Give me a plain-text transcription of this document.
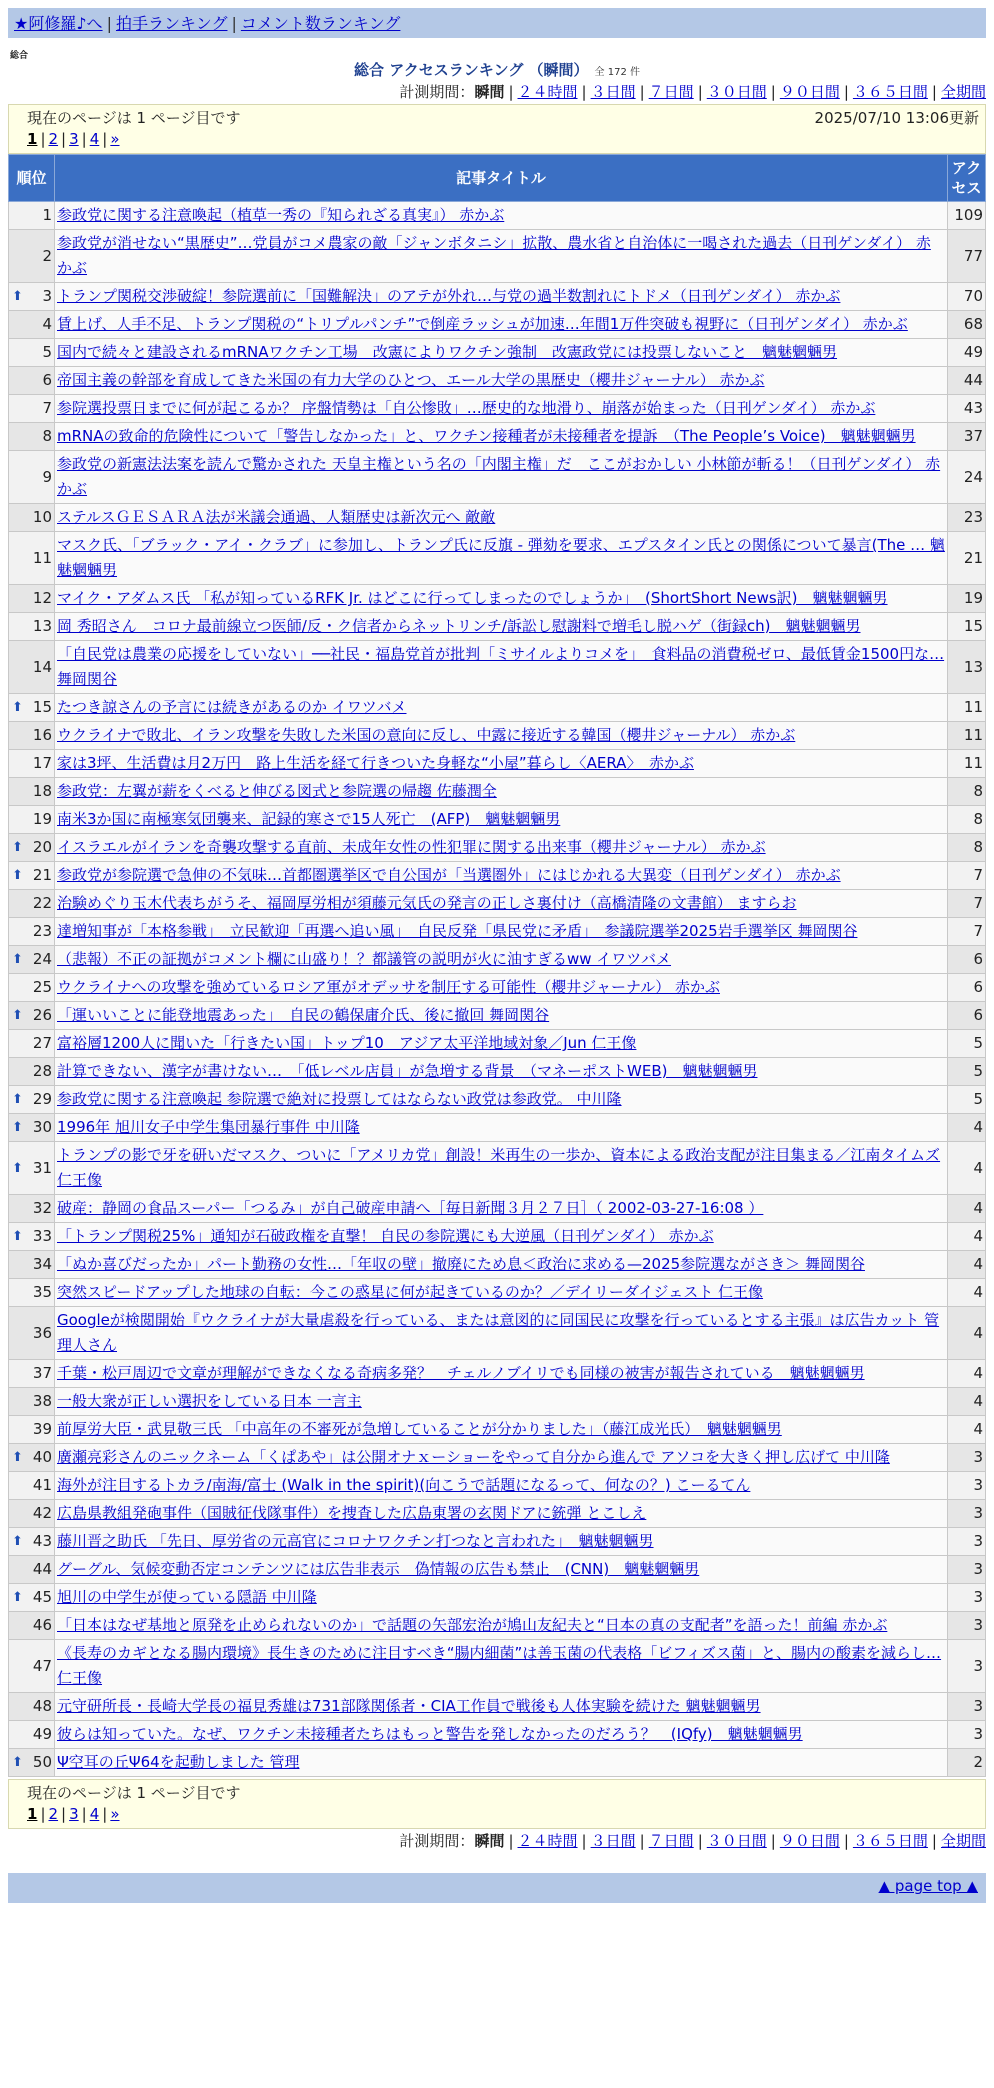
★阿修羅♪へ | 拍手ランキング | コメント数ランキング
総合
総合 アクセスランキング （瞬間） 全 172 件
計測期間：瞬間 | ２４時間 | ３日間 | ７日間 | ３０日間 | ９０日間 | ３６５日間 | 全期間
現在のページは 1 ページ目です	2025/07/10 13:06更新
1 | 2 | 3 | 4 | »
順位	記事タイトル	アクセス
1	参政党に関する注意喚起（植草一秀の『知られざる真実』） 赤かぶ	109
2	参政党が消せない“黒歴史”…党員がコメ農家の敵「ジャンボタニシ」拡散、農水省と自治体に一喝された過去（日刊ゲンダイ） 赤かぶ	77

⬆ 3	トランプ関税交渉破綻！参院選前に「国難解決」のアテが外れ…与党の過半数割れにトドメ（日刊ゲンダイ） 赤かぶ	70
4	賃上げ、人手不足、トランプ関税の“トリプルパンチ”で倒産ラッシュが加速…年間1万件突破も視野に（日刊ゲンダイ） 赤かぶ	68
5	国内で続々と建設されるmRNAワクチン工場　改憲によりワクチン強制　改憲政党には投票しないこと　魑魅魍魎男	49
6	帝国主義の幹部を育成してきた米国の有力大学のひとつ、エール大学の黒歴史（櫻井ジャーナル） 赤かぶ	44
7	参院選投票日までに何が起こるか？ 序盤情勢は「自公惨敗」…歴史的な地滑り、崩落が始まった（日刊ゲンダイ） 赤かぶ	43
8	mRNAの致命的危険性について「警告しなかった」と、ワクチン接種者が未接種者を提訴　（The People’s Voice)　魑魅魍魎男	37
9	参政党の新憲法法案を読んで驚かされた 天皇主権という名の「内閣主権」だ　ここがおかしい 小林節が斬る！（日刊ゲンダイ） 赤かぶ	24
10	ステルスＧＥＳＡＲＡ法が米議会通過、人類歴史は新次元へ 敵敵	23
11	マスク氏、「ブラック・アイ・クラブ」に参加し、トランプ氏に反旗 - 弾劾を要求、エプスタイン氏との関係について暴言(The … 魑魅魍魎男	21
12	マイク・アダムス氏 「私が知っているRFK Jr. はどこに行ってしまったのでしょうか」　(ShortShort News訳)　魑魅魍魎男	19
13	岡 秀昭さん　コロナ最前線立つ医師/反・ク信者からネットリンチ/訴訟し慰謝料で増毛し脱ハゲ（街録ch)　魑魅魍魎男	15
14	「自民党は農業の応援をしていない」──社民・福島党首が批判「ミサイルよりコメを」　食料品の消費税ゼロ、最低賃金1500円な… 舞岡関谷	13

⬆ 15	たつき諒さんの予言には続きがあるのか イワツバメ	11
16	ウクライナで敗北、イラン攻撃を失敗した米国の意向に反し、中露に接近する韓国（櫻井ジャーナル） 赤かぶ	11
17	家は3坪、生活費は月2万円　路上生活を経て行きついた身軽な“小屋”暮らし〈AERA〉　赤かぶ	11
18	参政党：左翼が薪をくべると伸びる図式と参院選の帰趨 佐藤潤全	8
19	南米3か国に南極寒気団襲来、記録的寒さで15人死亡　(AFP)　魑魅魍魎男	8

⬆ 20	イスラエルがイランを奇襲攻撃する直前、未成年女性の性犯罪に関する出来事（櫻井ジャーナル） 赤かぶ	8

⬆ 21	参政党が参院選で急伸の不気味…首都圏選挙区で自公国が「当選圏外」にはじかれる大異変（日刊ゲンダイ） 赤かぶ	7
22	治験めぐり玉木代表ちがうそ、福岡厚労相が須藤元気氏の発言の正しさ裏付け（高橋清隆の文書館） ますらお	7
23	達増知事が「本格参戦」　立民歓迎「再選へ追い風」　自民反発「県民党に矛盾」　参議院選挙2025岩手選挙区 舞岡関谷	7

⬆ 24	（悲報）不正の証拠がコメント欄に山盛り！？都議管の説明が火に油すぎるww イワツバメ	6
25	ウクライナへの攻撃を強めているロシア軍がオデッサを制圧する可能性（櫻井ジャーナル） 赤かぶ	6

⬆ 26	「運いいことに能登地震あった」　自民の鶴保庸介氏、後に撤回 舞岡関谷	6
27	富裕層1200人に聞いた「行きたい国」トップ10　アジア太平洋地域対象／Jun 仁王像	5
28	計算できない、漢字が書けない…　「低レベル店員」が急増する背景　（マネーポストWEB)　魑魅魍魎男	5

⬆ 29	参政党に関する注意喚起 参院選で絶対に投票してはならない政党は参政党。 中川隆	5

⬆ 30	1996年 旭川女子中学生集団暴行事件 中川隆	4

⬆ 31	トランプの影で牙を研いだマスク、ついに「アメリカ党」創設！米再生の一歩か、資本による政治支配が注目集まる／江南タイムズ 仁王像	4
32	破産：静岡の食品スーパー「つるみ」が自己破産申請へ［毎日新聞３月２７日］（ 2002-03-27-16:08 ）	4

⬆ 33	「トランプ関税25%」通知が石破政権を直撃！ 自民の参院選にも大逆風（日刊ゲンダイ） 赤かぶ	4
34	「ぬか喜びだったか」パート勤務の女性…「年収の壁」撤廃にため息＜政治に求める—2025参院選ながさき＞ 舞岡関谷	4
35	突然スピードアップした地球の自転：今この惑星に何が起きているのか？／デイリーダイジェスト 仁王像	4
36	Googleが検閲開始『ウクライナが大量虐殺を行っている、または意図的に同国民に攻撃を行っているとする主張』は広告カット 管理人さん	4
37	千葉・松戸周辺で文章が理解ができなくなる奇病多発？　チェルノブイリでも同様の被害が報告されている　魑魅魍魎男	4
38	一般大衆が正しい選択をしている日本 一言主	4
39	前厚労大臣・武見敬三氏 「中高年の不審死が急増していることが分かりました」（藤江成光氏）　魑魅魍魎男	4

⬆ 40	廣瀬亮彩さんのニックネーム「くぱあや」は公開オナｘーショーをやって自分から進んで アソコを大きく押し広げて 中川隆	3
41	海外が注目するトカラ/南海/富士 (Walk in the spirit)(向こうで話題になるって、何なの？) こーるてん	3
42	広島県教組発砲事件（国賊征伐隊事件）を捜査した広島東署の玄関ドアに銃弾 とこしえ	3

⬆ 43	藤川晋之助氏 「先日、厚労省の元高官にコロナワクチン打つなと言われた」　魑魅魍魎男	3
44	グーグル、気候変動否定コンテンツには広告非表示　偽情報の広告も禁止　(CNN)　魑魅魍魎男	3

⬆ 45	旭川の中学生が使っている隠語 中川隆	3
46	「日本はなぜ基地と原発を止められないのか」で話題の矢部宏治が鳩山友紀夫と“日本の真の支配者”を語った！前編 赤かぶ	3
47	《長寿のカギとなる腸内環境》長生きのために注目すべき“腸内細菌”は善玉菌の代表格「ビフィズス菌」と、腸内の酸素を減らし… 仁王像	3
48	元守研所長・長崎大学長の福見秀雄は731部隊関係者・CIA工作員で戦後も人体実験を続けた 魑魅魍魎男	3
49	彼らは知っていた。なぜ、ワクチン未接種者たちはもっと警告を発しなかったのだろう？　(IQfy)　魑魅魍魎男	3

⬆ 50	Ψ空耳の丘Ψ64を起動しました 管理	2
現在のページは 1 ページ目です
1 | 2 | 3 | 4 | »
計測期間：瞬間 | ２４時間 | ３日間 | ７日間 | ３０日間 | ９０日間 | ３６５日間 | 全期間
▲ page top ▲
